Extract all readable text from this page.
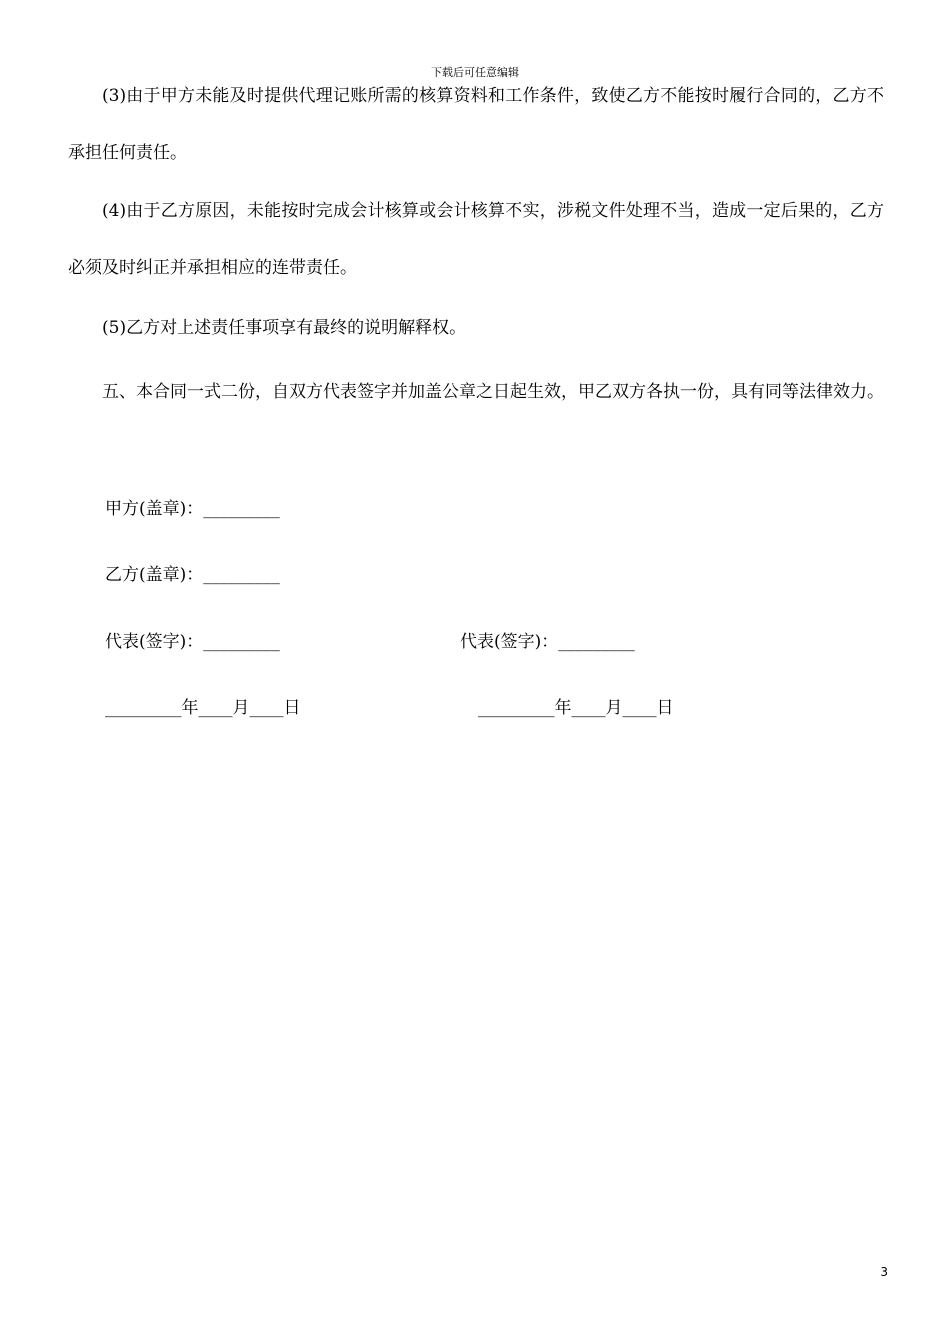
下载后可任意编辑

(3)由于甲方未能及时提供代理记账所需的核算资料和工作条件，致使乙方不能按时履行合同的，乙方不承担任何责任。

(4)由于乙方原因，未能按时完成会计核算或会计核算不实，涉税文件处理不当，造成一定后果的，乙方必须及时纠正并承担相应的连带责任。

(5)乙方对上述责任事项享有最终的说明解释权。

五、本合同一式二份，自双方代表签字并加盖公章之日起生效，甲乙双方各执一份，具有同等法律效力。

甲方(盖章)：_________
乙方(盖章)：_________
代表(签字)：_________	代表(签字)：_________
_________年____月____日	_________年____月____日
3
